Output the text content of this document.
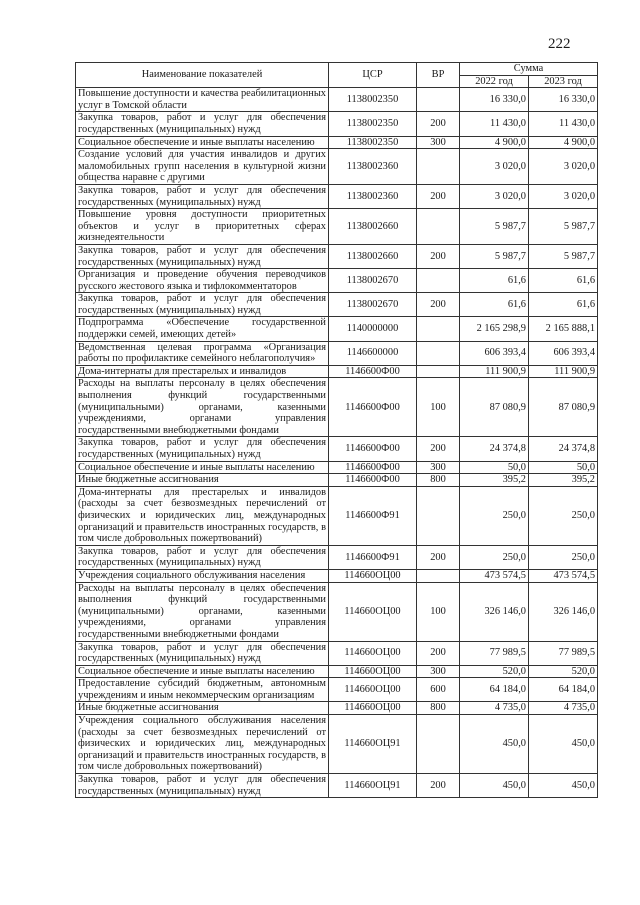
222
Наименование показателей	ЦСР	ВР	Сумма	
			2022 год	2023 год
Повышение доступности и качества реабилитационных услуг в Томской области	1138002350		16 330,0	16 330,0
Закупка товаров, работ и услуг для обеспечения государственных (муниципальных) нужд	1138002350	200	11 430,0	11 430,0
Социальное обеспечение и иные выплаты населению	1138002350	300	4 900,0	4 900,0
Создание условий для участия инвалидов и других маломобильных групп населения в культурной жизни общества наравне с другими	1138002360		3 020,0	3 020,0
Закупка товаров, работ и услуг для обеспечения государственных (муниципальных) нужд	1138002360	200	3 020,0	3 020,0
Повышение уровня доступности приоритетных объектов и услуг в приоритетных сферах жизнедеятельности	1138002660		5 987,7	5 987,7
Закупка товаров, работ и услуг для обеспечения государственных (муниципальных) нужд	1138002660	200	5 987,7	5 987,7
Организация и проведение обучения переводчиков русского жестового языка и тифлокомментаторов	1138002670		61,6	61,6
Закупка товаров, работ и услуг для обеспечения государственных (муниципальных) нужд	1138002670	200	61,6	61,6
Подпрограмма «Обеспечение государственной поддержки семей, имеющих детей»	1140000000		2 165 298,9	2 165 888,1
Ведомственная целевая программа «Организация работы по профилактике семейного неблагополучия»	1146600000		606 393,4	606 393,4
Дома-интернаты для престарелых и инвалидов	1146600Ф00		111 900,9	111 900,9
Расходы на выплаты персоналу в целях обеспечения выполнения функций государственными (муниципальными) органами, казенными учреждениями, органами управления государственными внебюджетными фондами	1146600Ф00	100	87 080,9	87 080,9
Закупка товаров, работ и услуг для обеспечения государственных (муниципальных) нужд	1146600Ф00	200	24 374,8	24 374,8
Социальное обеспечение и иные выплаты населению	1146600Ф00	300	50,0	50,0
Иные бюджетные ассигнования	1146600Ф00	800	395,2	395,2
Дома-интернаты для престарелых и инвалидов (расходы за счет безвозмездных перечислений от физических и юридических лиц, международных организаций и правительств иностранных государств, в том числе добровольных пожертвований)	1146600Ф91		250,0	250,0
Закупка товаров, работ и услуг для обеспечения государственных (муниципальных) нужд	1146600Ф91	200	250,0	250,0
Учреждения социального обслуживания населения	114660ОЦ00		473 574,5	473 574,5
Расходы на выплаты персоналу в целях обеспечения выполнения функций государственными (муниципальными) органами, казенными учреждениями, органами управления государственными внебюджетными фондами	114660ОЦ00	100	326 146,0	326 146,0
Закупка товаров, работ и услуг для обеспечения государственных (муниципальных) нужд	114660ОЦ00	200	77 989,5	77 989,5
Социальное обеспечение и иные выплаты населению	114660ОЦ00	300	520,0	520,0
Предоставление субсидий бюджетным, автономным учреждениям и иным некоммерческим организациям	114660ОЦ00	600	64 184,0	64 184,0
Иные бюджетные ассигнования	114660ОЦ00	800	4 735,0	4 735,0
Учреждения социального обслуживания населения (расходы за счет безвозмездных перечислений от физических и юридических лиц, международных организаций и правительств иностранных государств, в том числе добровольных пожертвований)	114660ОЦ91		450,0	450,0
Закупка товаров, работ и услуг для обеспечения государственных (муниципальных) нужд	114660ОЦ91	200	450,0	450,0
